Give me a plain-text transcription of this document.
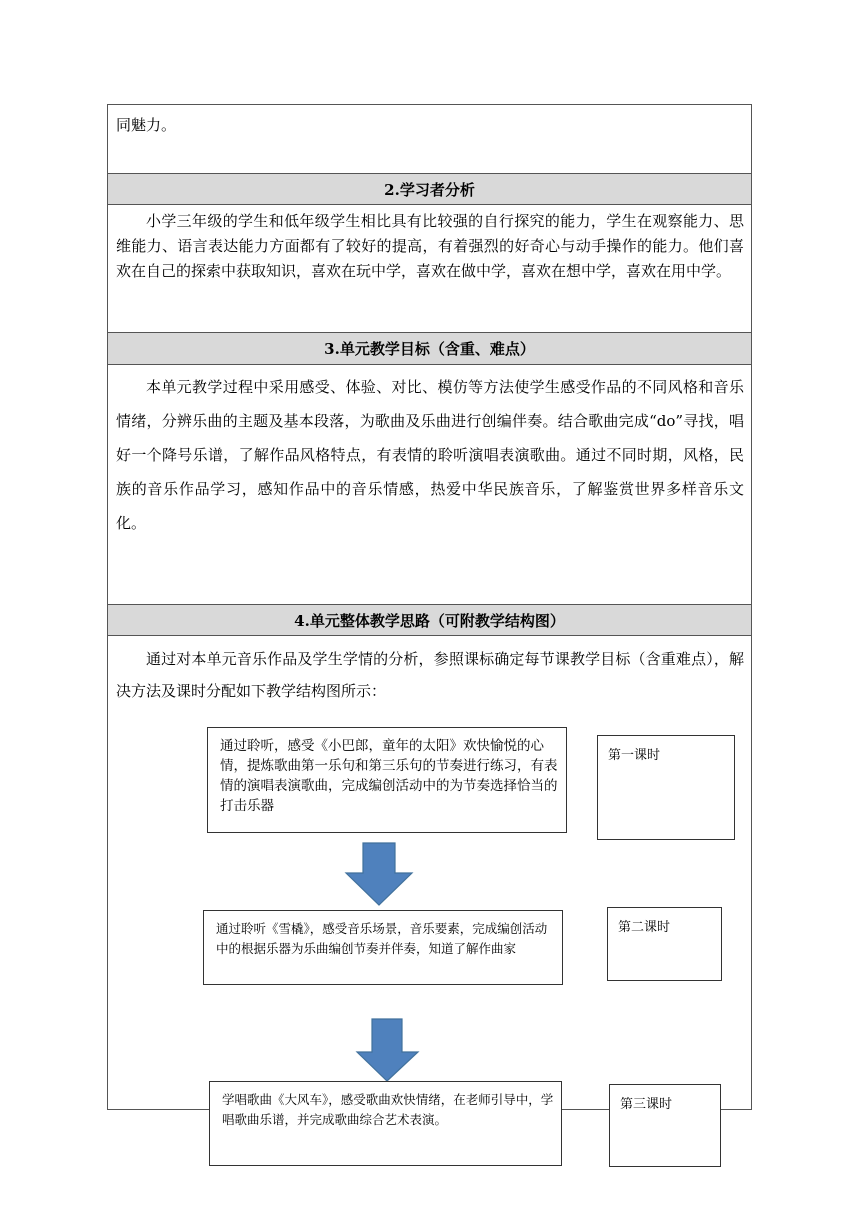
同魅力。
2.学习者分析
小学三年级的学生和低年级学生相比具有比较强的自行探究的能力，学生在观察能力、思维能力、语言表达能力方面都有了较好的提高，有着强烈的好奇心与动手操作的能力。他们喜欢在自己的探索中获取知识，喜欢在玩中学，喜欢在做中学，喜欢在想中学，喜欢在用中学。
3.单元教学目标（含重、难点）
本单元教学过程中采用感受、体验、对比、模仿等方法使学生感受作品的不同风格和音乐情绪，分辨乐曲的主题及基本段落，为歌曲及乐曲进行创编伴奏。结合歌曲完成“do”寻找，唱好一个降号乐谱，了解作品风格特点，有表情的聆听演唱表演歌曲。通过不同时期，风格，民族的音乐作品学习，感知作品中的音乐情感，热爱中华民族音乐，了解鉴赏世界多样音乐文化。
4.单元整体教学思路（可附教学结构图）
通过对本单元音乐作品及学生学情的分析，参照课标确定每节课教学目标（含重难点），解决方法及课时分配如下教学结构图所示：
通过聆听，感受《小巴郎，童年的太阳》欢快愉悦的心情，提炼歌曲第一乐句和第三乐句的节奏进行练习，有表情的演唱表演歌曲，完成编创活动中的为节奏选择恰当的打击乐器
第一课时
通过聆听《雪橇》，感受音乐场景，音乐要素，完成编创活动中的根据乐器为乐曲编创节奏并伴奏，知道了解作曲家
第二课时
学唱歌曲《大风车》，感受歌曲欢快情绪，在老师引导中，学唱歌曲乐谱，并完成歌曲综合艺术表演。
第三课时
